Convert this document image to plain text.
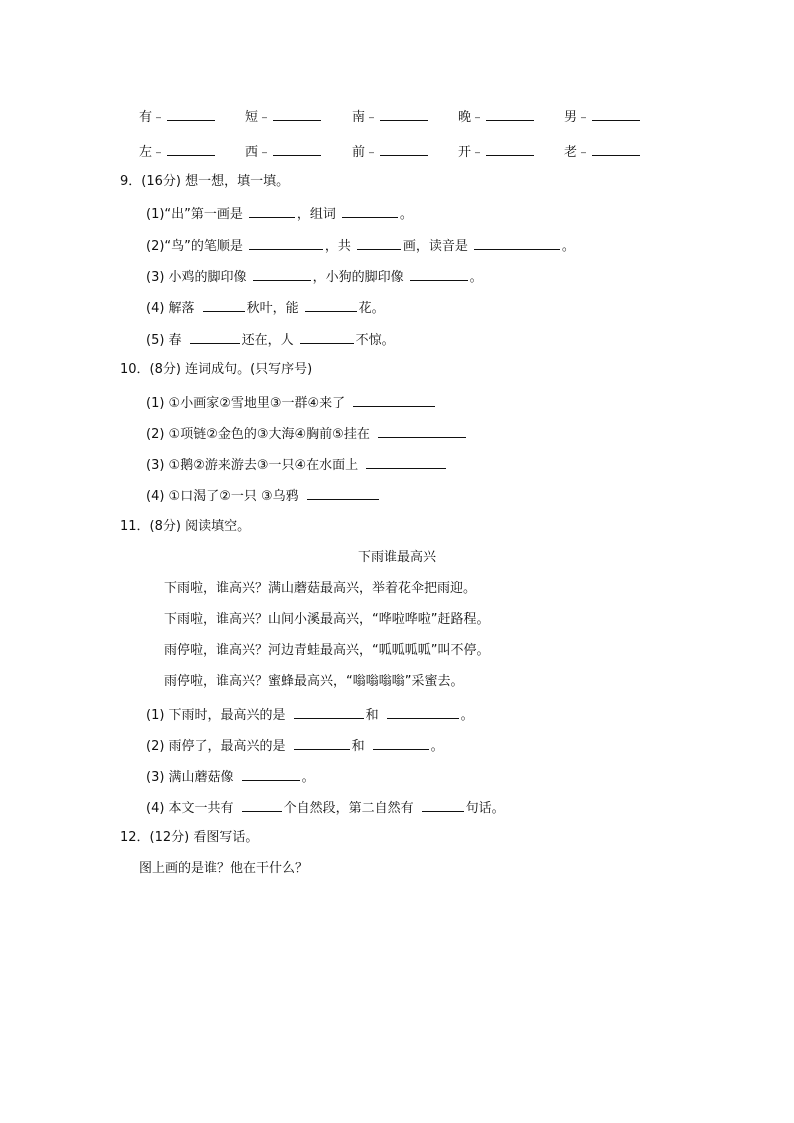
有﹣	短﹣	南﹣	晚﹣	男﹣
左﹣	西﹣	前﹣	开﹣	老﹣
9．(16分) 想一想，填一填。
(1)“出”第一画是	，组词	。
(2)“鸟”的笔顺是	，共	画，读音是	。
(3) 小鸡的脚印像	，小狗的脚印像	。
(4) 解落	秋叶，能	花。
(5) 春	还在，人	不惊。
10．(8分) 连词成句。(只写序号)
(1) ①小画家②雪地里③一群④来了
(2) ①项链②金色的③大海④胸前⑤挂在
(3) ①鹅②游来游去③一只④在水面上
(4) ①口渴了②一只 ③乌鸦
11．(8分) 阅读填空。
下雨谁最高兴
下雨啦，谁高兴？满山蘑菇最高兴，举着花伞把雨迎。
下雨啦，谁高兴？山间小溪最高兴，“哗啦哗啦”赶路程。
雨停啦，谁高兴？河边青蛙最高兴，“呱呱呱呱”叫不停。
雨停啦，谁高兴？蜜蜂最高兴，“嗡嗡嗡嗡”采蜜去。
(1) 下雨时，最高兴的是	和	。
(2) 雨停了，最高兴的是	和	。
(3) 满山蘑菇像	。
(4) 本文一共有	个自然段，第二自然有	句话。
12．(12分) 看图写话。
图上画的是谁？他在干什么？
